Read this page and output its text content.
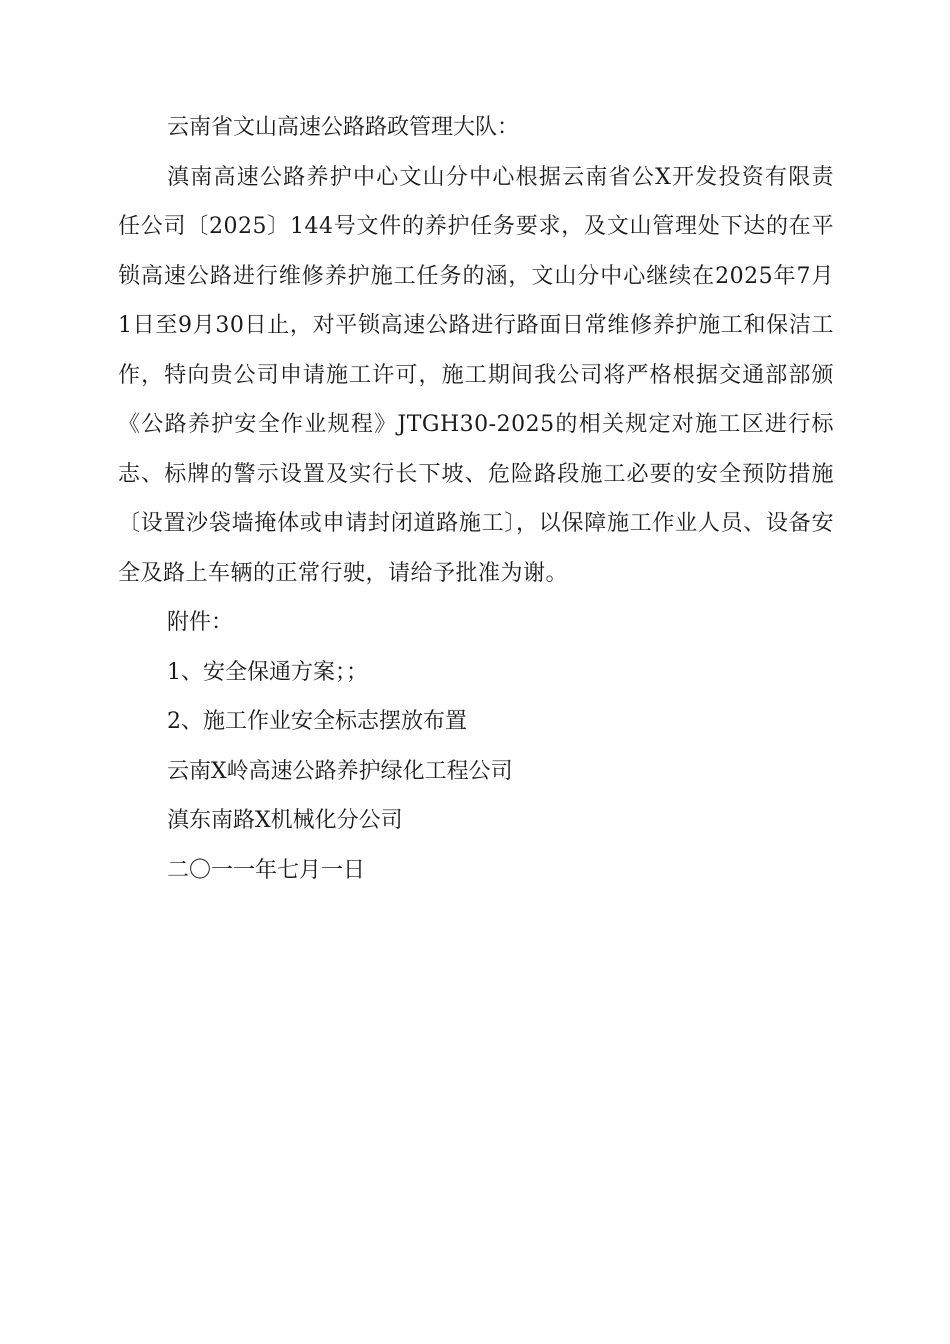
云南省文山高速公路路政管理大队：

滇南高速公路养护中心文山分中心根据云南省公X开发投资有限责任公司〔2025〕144号文件的养护任务要求，及文山管理处下达的在平锁高速公路进行维修养护施工任务的涵，文山分中心继续在2025年7月1日至9月30日止，对平锁高速公路进行路面日常维修养护施工和保洁工作，特向贵公司申请施工许可，施工期间我公司将严格根据交通部部颁《公路养护安全作业规程》JTGH30-2025的相关规定对施工区进行标志、标牌的警示设置及实行长下坡、危险路段施工必要的安全预防措施〔设置沙袋墙掩体或申请封闭道路施工〕，以保障施工作业人员、设备安全及路上车辆的正常行驶，请给予批准为谢。

附件：

1、安全保通方案；；

2、施工作业安全标志摆放布置

云南X岭高速公路养护绿化工程公司

滇东南路X机械化分公司

二〇一一年七月一日
